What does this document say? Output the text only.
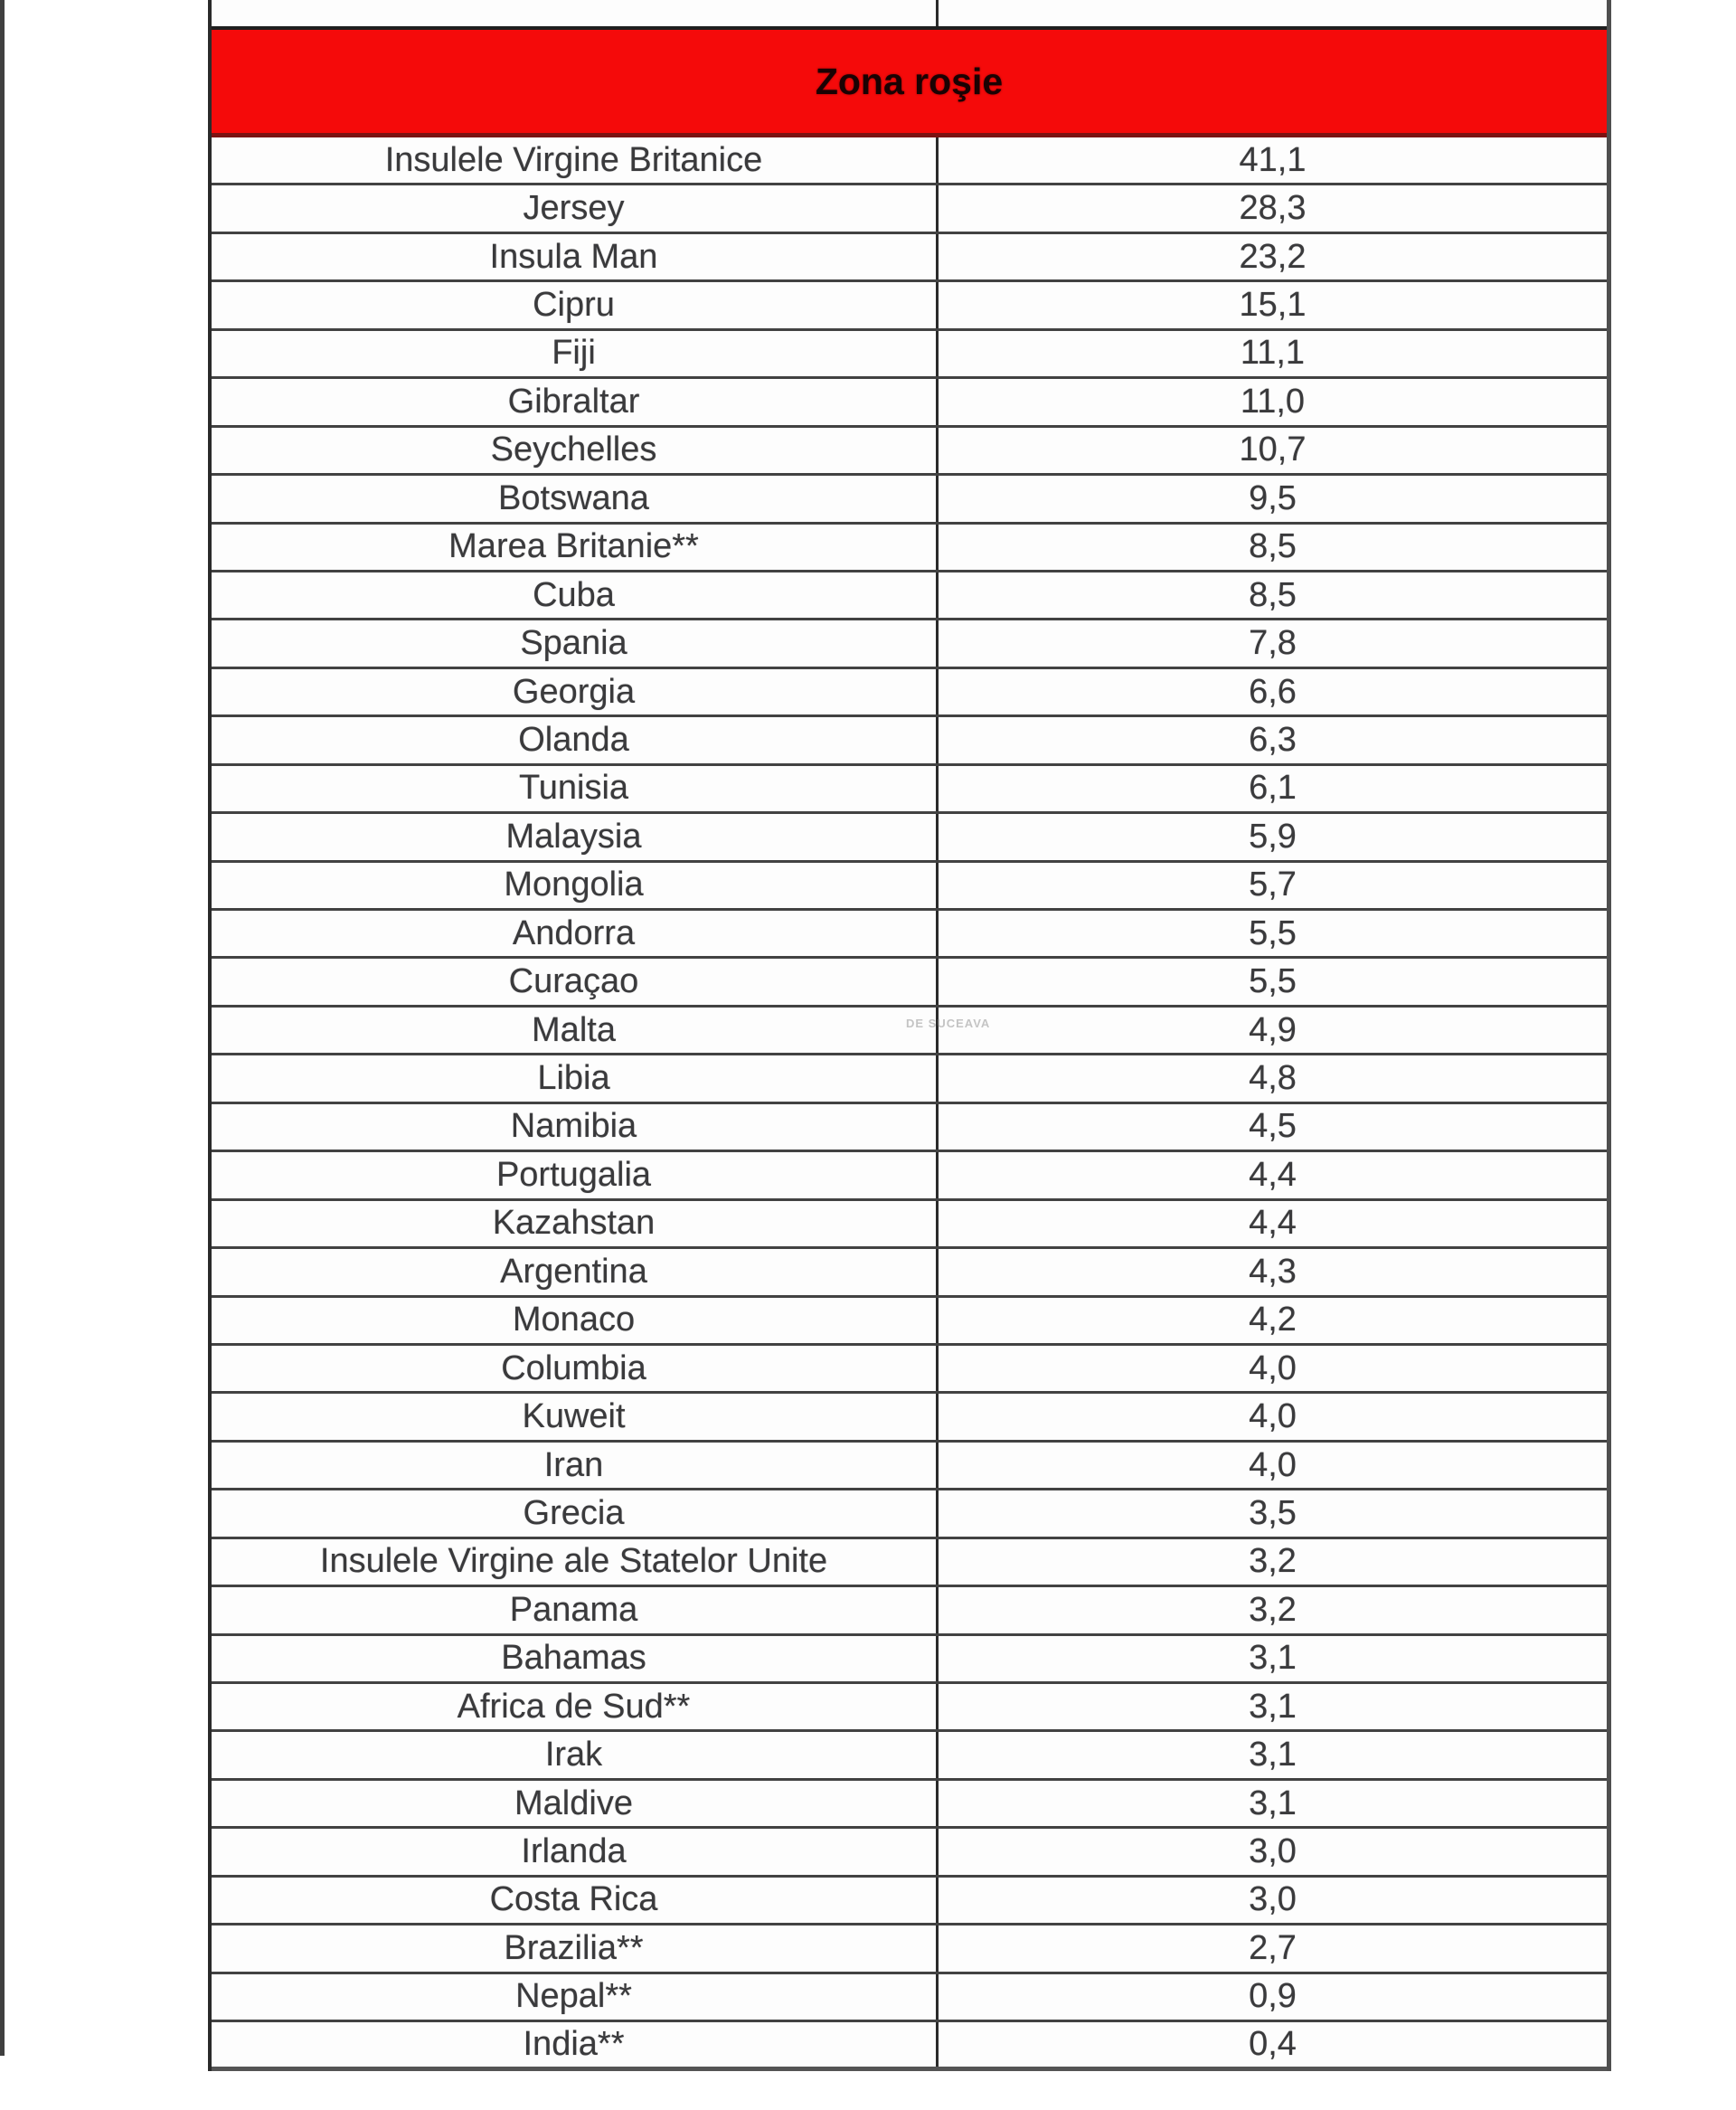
Zona roşie
Insulele Virgine Britanice	41,1
Jersey	28,3
Insula Man	23,2
Cipru	15,1
Fiji	11,1
Gibraltar	11,0
Seychelles	10,7
Botswana	9,5
Marea Britanie**	8,5
Cuba	8,5
Spania	7,8
Georgia	6,6
Olanda	6,3
Tunisia	6,1
Malaysia	5,9
Mongolia	5,7
Andorra	5,5
Curaçao	5,5
Malta	4,9
Libia	4,8
Namibia	4,5
Portugalia	4,4
Kazahstan	4,4
Argentina	4,3
Monaco	4,2
Columbia	4,0
Kuweit	4,0
Iran	4,0
Grecia	3,5
Insulele Virgine ale Statelor Unite	3,2
Panama	3,2
Bahamas	3,1
Africa de Sud**	3,1
Irak	3,1
Maldive	3,1
Irlanda	3,0
Costa Rica	3,0
Brazilia**	2,7
Nepal**	0,9
India**	0,4
DE SUCEAVA
